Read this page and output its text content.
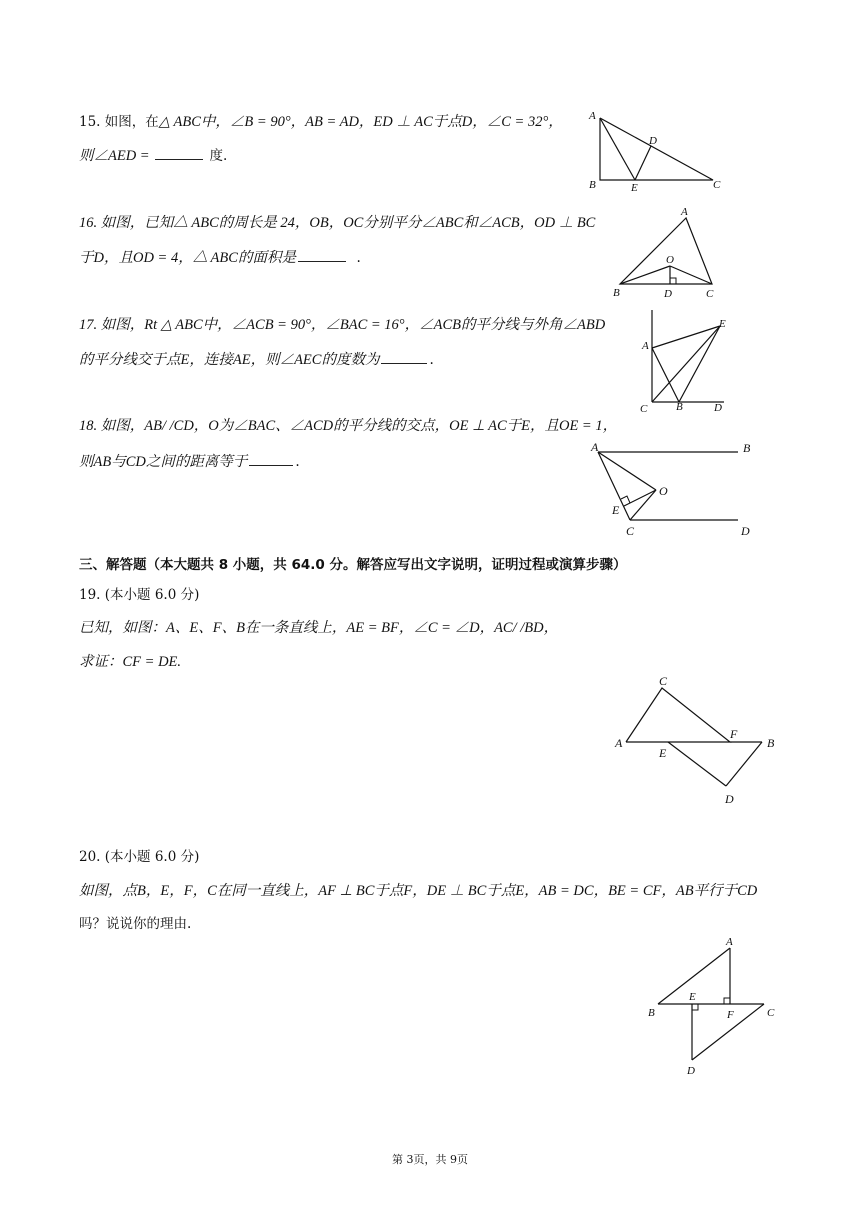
15. 如图，在△ ABC中，∠B = 90°，AB = AD，ED ⊥ AC于点D，∠C = 32°，
则∠AED =	度.
A
B	E
D
C
16. 如图，已知△ ABC的周长是 24，OB，OC分别平分∠ABC和∠ACB，OD ⊥ BC
于D，且OD = 4，△ ABC的面积是	.
A
O
B	D	C
17. 如图，Rt △ ABC中，∠ACB = 90°，∠BAC = 16°，∠ACB的平分线与外角∠ABD
的平分线交于点E，连接AE，则∠AEC的度数为	.
E
A
C	B	D
18. 如图，AB/ /CD，O为∠BAC、∠ACD的平分线的交点，OE ⊥ AC于E，且OE = 1，
则AB与CD之间的距离等于	.
A	B
O
E
C	D
三、解答题（本大题共 8 小题，共 64.0 分。解答应写出文字说明，证明过程或演算步骤）
19. (本小题 6.0 分)
已知，如图：A、E、F、B在一条直线上，AE = BF，∠C = ∠D，AC/ /BD，
求证：CF = DE.
C
F
B
A
E
D
20. (本小题 6.0 分)
如图，点B，E，F，C在同一直线上，AF ⊥ BC于点F，DE ⊥ BC于点E，AB = DC，BE = CF，AB平行于CD
吗？说说你的理由.
A
E
B	F	C
D
第 3页，共 9页
